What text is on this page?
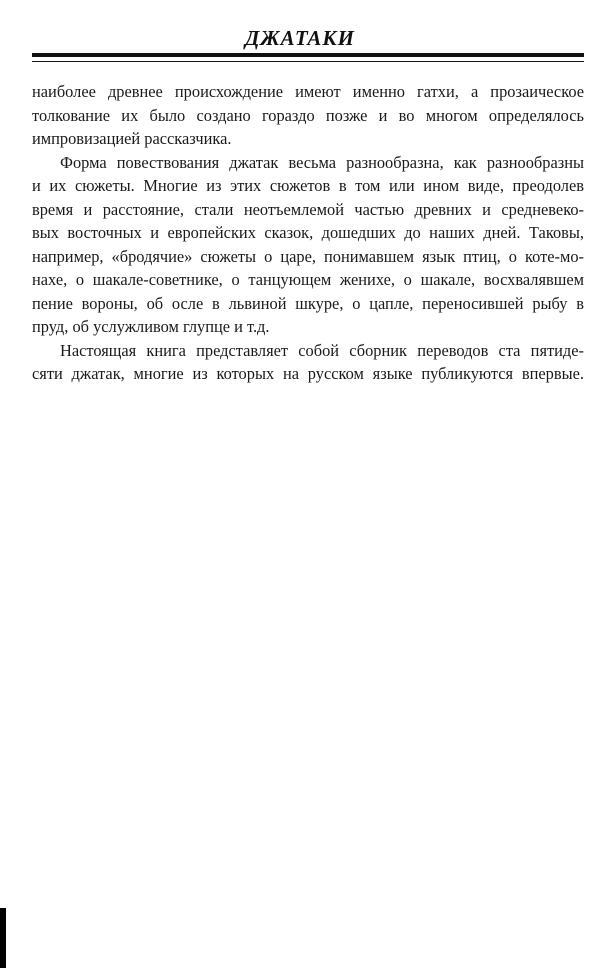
ДЖАТАКИ
наиболее древнее происхождение имеют именно гатхи, а прозаическое
толкование их было создано гораздо позже и во многом определялось
импровизацией рассказчика.
Форма повествования джатак весьма разнообразна, как разнообразны
и их сюжеты. Многие из этих сюжетов в том или ином виде, преодолев
время и расстояние, стали неотъемлемой частью древних и средневеко-
вых восточных и европейских сказок, дошедших до наших дней. Таковы,
например, «бродячие» сюжеты о царе, понимавшем язык птиц, о коте-мо-
нахе, о шакале-советнике, о танцующем женихе, о шакале, восхвалявшем
пение вороны, об осле в львиной шкуре, о цапле, переносившей рыбу в
пруд, об услужливом глупце и т.д.
Настоящая книга представляет собой сборник переводов ста пятиде-
сяти джатак, многие из которых на русском языке публикуются впервые.
